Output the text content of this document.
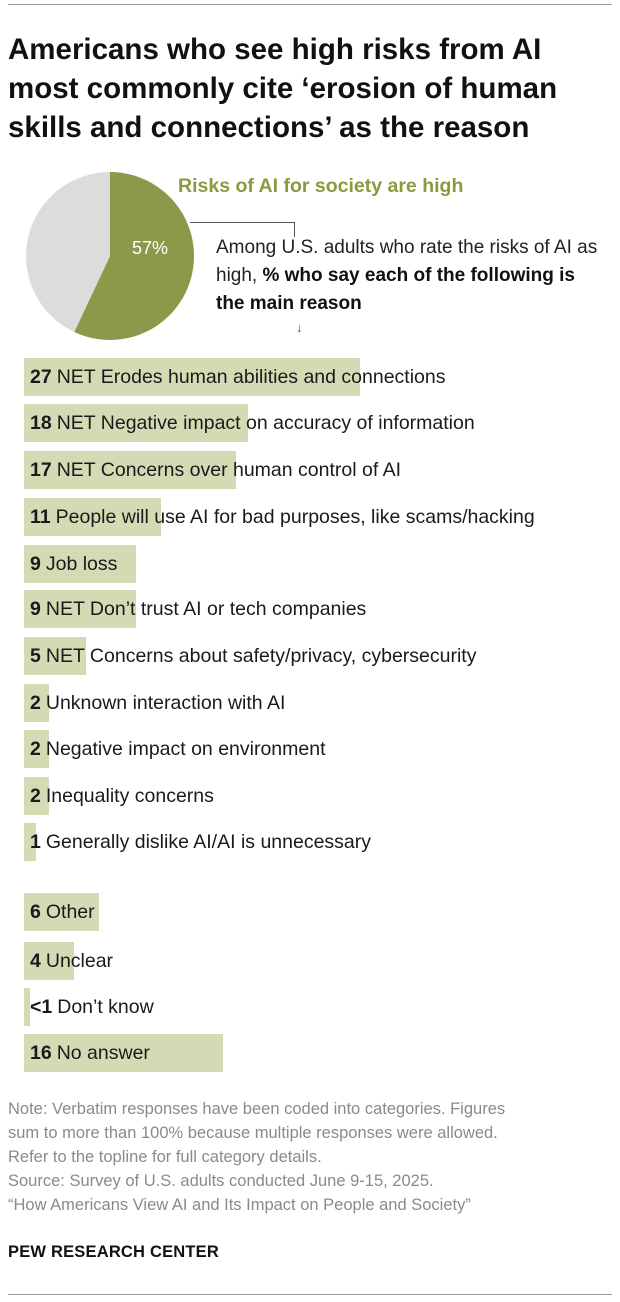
Americans who see high risks from AI most commonly cite ‘erosion of human skills and connections’ as the reason
57%
Risks of AI for society are high
Among U.S. adults who rate the risks of AI as high, % who say each of the following is the main reason
↓
27 NET Erodes human abilities and connections
18 NET Negative impact on accuracy of information
17 NET Concerns over human control of AI
11 People will use AI for bad purposes, like scams/hacking
9 Job loss
9 NET Don’t trust AI or tech companies
5 NET Concerns about safety/privacy, cybersecurity
2 Unknown interaction with AI
2 Negative impact on environment
2 Inequality concerns
1 Generally dislike AI/AI is unnecessary
6 Other
4 Unclear
<1 Don’t know
16 No answer
Note: Verbatim responses have been coded into categories. Figures
sum to more than 100% because multiple responses were allowed.
Refer to the topline for full category details.
Source: Survey of U.S. adults conducted June 9-15, 2025.
“How Americans View AI and Its Impact on People and Society”
PEW RESEARCH CENTER
